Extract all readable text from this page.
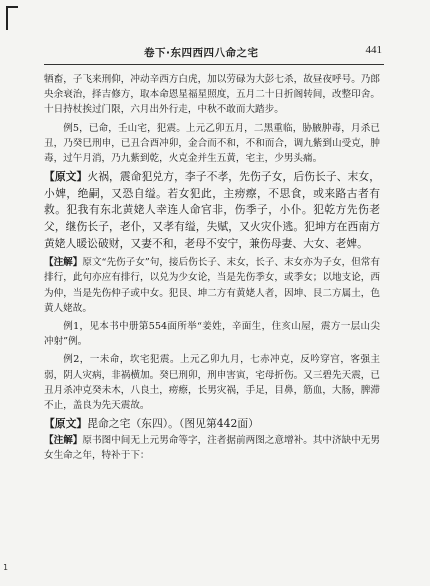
卷下·东四西四八命之宅	441

牺畜，子飞来刑仰，冲动辛西方白虎，加以劳碌为大彭七杀，故昼夜呼号。乃郎央余衰治，择吉修方，取本命恩星福星照度，五月二十日折阁转间，改整印舍。十日持杖挨过门限，六月出外行走，中秋不敢而大踏步。

例5，已命，壬山宅，犯震。上元乙卯五月，二黑重临，胁腋肿毒，月杀已丑，乃癸巳刑申，已丑合酉冲卯，金合而不和，不和而合，调九紫到山受克，肿毒，过午月消，乃九紫到乾，火克金并生五黄，宅主，少男头痛。

【原文】火祸，震命犯兑方，李子不孝，先伤子女，后伤长子、末女，小婢，绝嗣，又恐自缢。若女犯此，主痨瘵，不思食，或来路古者有救。犯我有东北黄姥人幸连人命官非，伤季子，小仆。犯乾方先伤老父，继伤长子，老仆，又孝有缢，失赋，又火灾仆逃。犯坤方在西南方黄姥人暖讼破财，又妻不和，老母不安宁，兼伤母妻、大女、老婢。

【注解】原文“先伤子女”句，接后伤长子、末女，长子、末女亦为子女，但常有排行，此句亦应有排行，以兑为少女论，当是先伤季女，或季女；以地支论，西为仲，当是先伤仲子或中女。犯艮、坤二方有黄姥人者，因坤、艮二方属土，色黄人姥故。

例1，见本书中册第554面所举“姜姓，辛面生，住亥山屋，震方一层山尖冲射”例。

例2，一未命，坎宅犯震。上元乙卯九月，七赤冲克，反吟穿宫，客强主弱，阴人灾病，非祸横加。癸巳刑卯，刑申害寅，宅母折伤。又三碧先天震，已丑月杀冲克癸未木，八良土，痨瘵，长男灾祸，手足，目鼻，筋血，大肠，脾滞不止，盖良为先天震故。

【原文】毘命之宅（东四）。（图见第442面）

【注解】原书图中间无上元男命等字，注者据前两图之意增补。其中济缺中无男女生命之年，特补于下：

1
